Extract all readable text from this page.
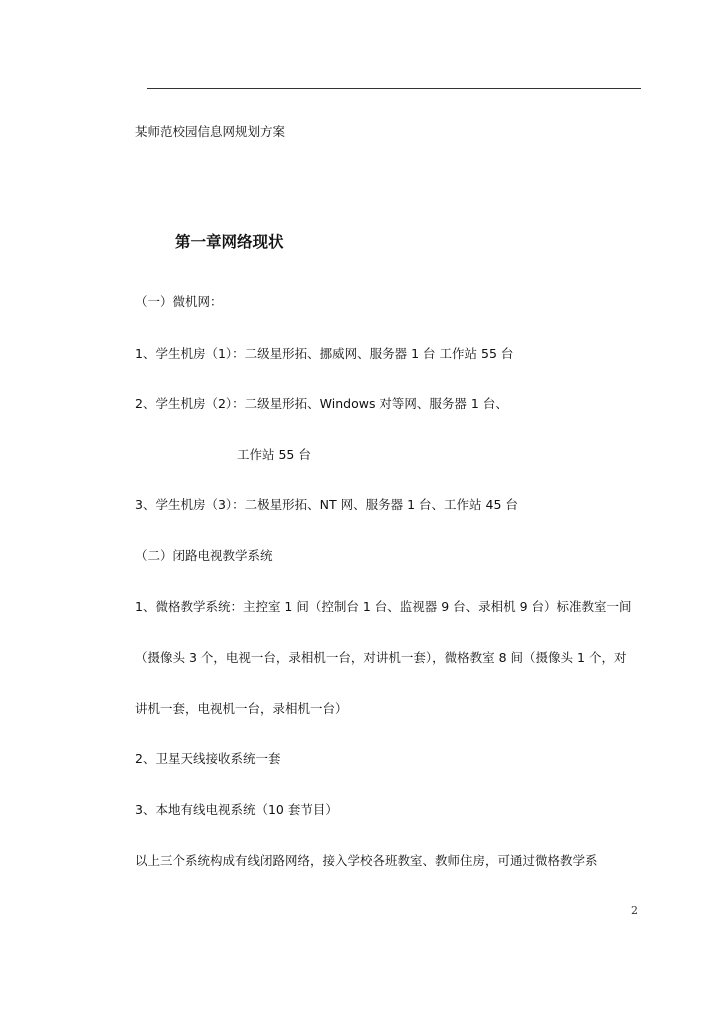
某师范校园信息网规划方案
第一章网络现状
（一）微机网：
1、学生机房（1）：二级星形拓、挪威网、服务器 1 台 工作站 55 台
2、学生机房（2）：二级星形拓、Windows 对等网、服务器 1 台、
工作站 55 台
3、学生机房（3）：二极星形拓、NT 网、服务器 1 台、工作站 45 台
（二）闭路电视教学系统
1、微格教学系统：主控室 1 间（控制台 1 台、监视器 9 台、录相机 9 台）标准教室一间
（摄像头 3 个，电视一台，录相机一台，对讲机一套），微格教室 8 间（摄像头 1 个，对
讲机一套，电视机一台，录相机一台）
2、卫星天线接收系统一套
3、本地有线电视系统（10 套节目）
以上三个系统构成有线闭路网络，接入学校各班教室、教师住房，可通过微格教学系
2
